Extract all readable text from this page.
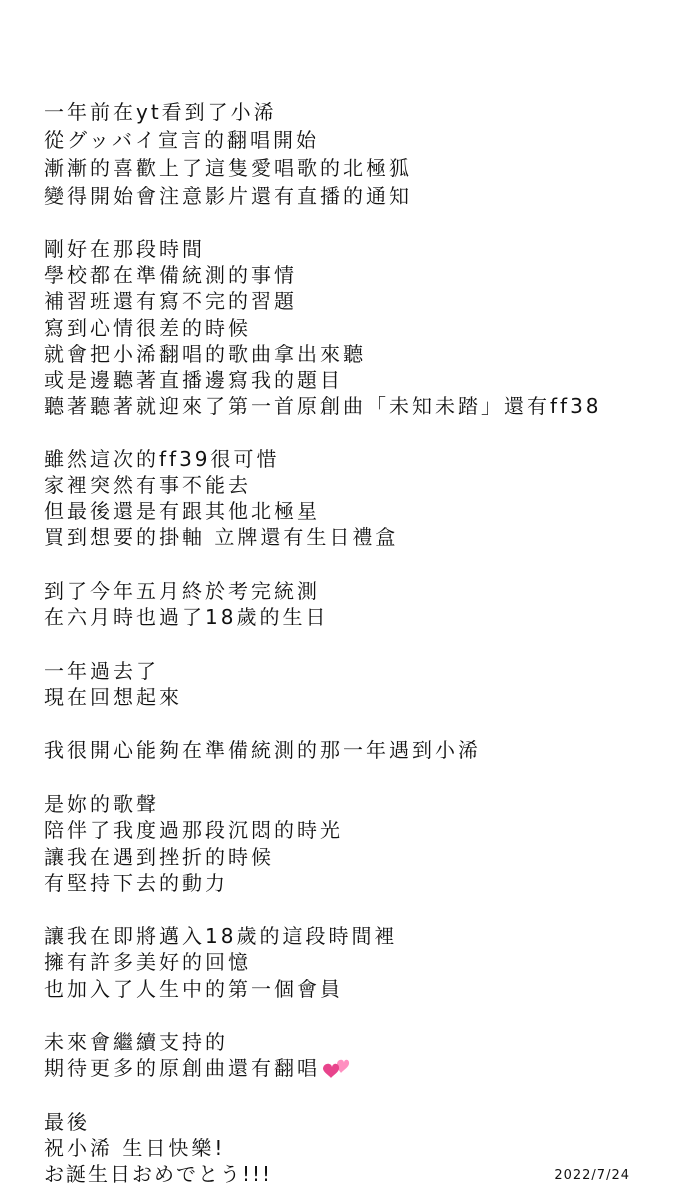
一年前在yt看到了小浠
從グッバイ宣言的翻唱開始
漸漸的喜歡上了這隻愛唱歌的北極狐
變得開始會注意影片還有直播的通知
剛好在那段時間
學校都在準備統測的事情
補習班還有寫不完的習題
寫到心情很差的時候
就會把小浠翻唱的歌曲拿出來聽
或是邊聽著直播邊寫我的題目
聽著聽著就迎來了第一首原創曲「未知未踏」還有ff38
雖然這次的ff39很可惜
家裡突然有事不能去
但最後還是有跟其他北極星
買到想要的掛軸 立牌還有生日禮盒
到了今年五月終於考完統測
在六月時也過了18歲的生日
一年過去了
現在回想起來
我很開心能夠在準備統測的那一年遇到小浠
是妳的歌聲
陪伴了我度過那段沉悶的時光
讓我在遇到挫折的時候
有堅持下去的動力
讓我在即將邁入18歲的這段時間裡
擁有許多美好的回憶
也加入了人生中的第一個會員
未來會繼續支持的
期待更多的原創曲還有翻唱
最後
祝小浠 生日快樂!
お誕生日おめでとう!!!	2022/7/24
